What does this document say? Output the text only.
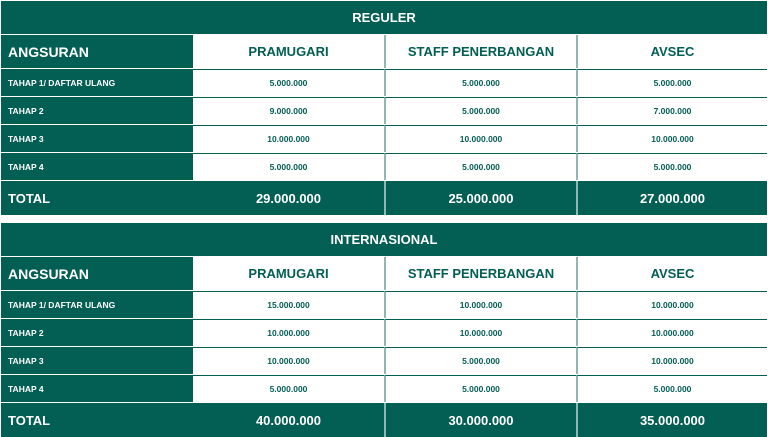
REGULER
ANGSURAN	PRAMUGARI	STAFF PENERBANGAN	AVSEC
TAHAP 1/ DAFTAR ULANG	5.000.000	5.000.000	5.000.000
TAHAP 2	9.000.000	5.000.000	7.000.000
TAHAP 3	10.000.000	10.000.000	10.000.000
TAHAP 4	5.000.000	5.000.000	5.000.000
TOTAL	29.000.000	25.000.000	27.000.000
INTERNASIONAL
ANGSURAN	PRAMUGARI	STAFF PENERBANGAN	AVSEC
TAHAP 1/ DAFTAR ULANG	15.000.000	10.000.000	10.000.000
TAHAP 2	10.000.000	10.000.000	10.000.000
TAHAP 3	10.000.000	5.000.000	10.000.000
TAHAP 4	5.000.000	5.000.000	5.000.000
TOTAL	40.000.000	30.000.000	35.000.000
